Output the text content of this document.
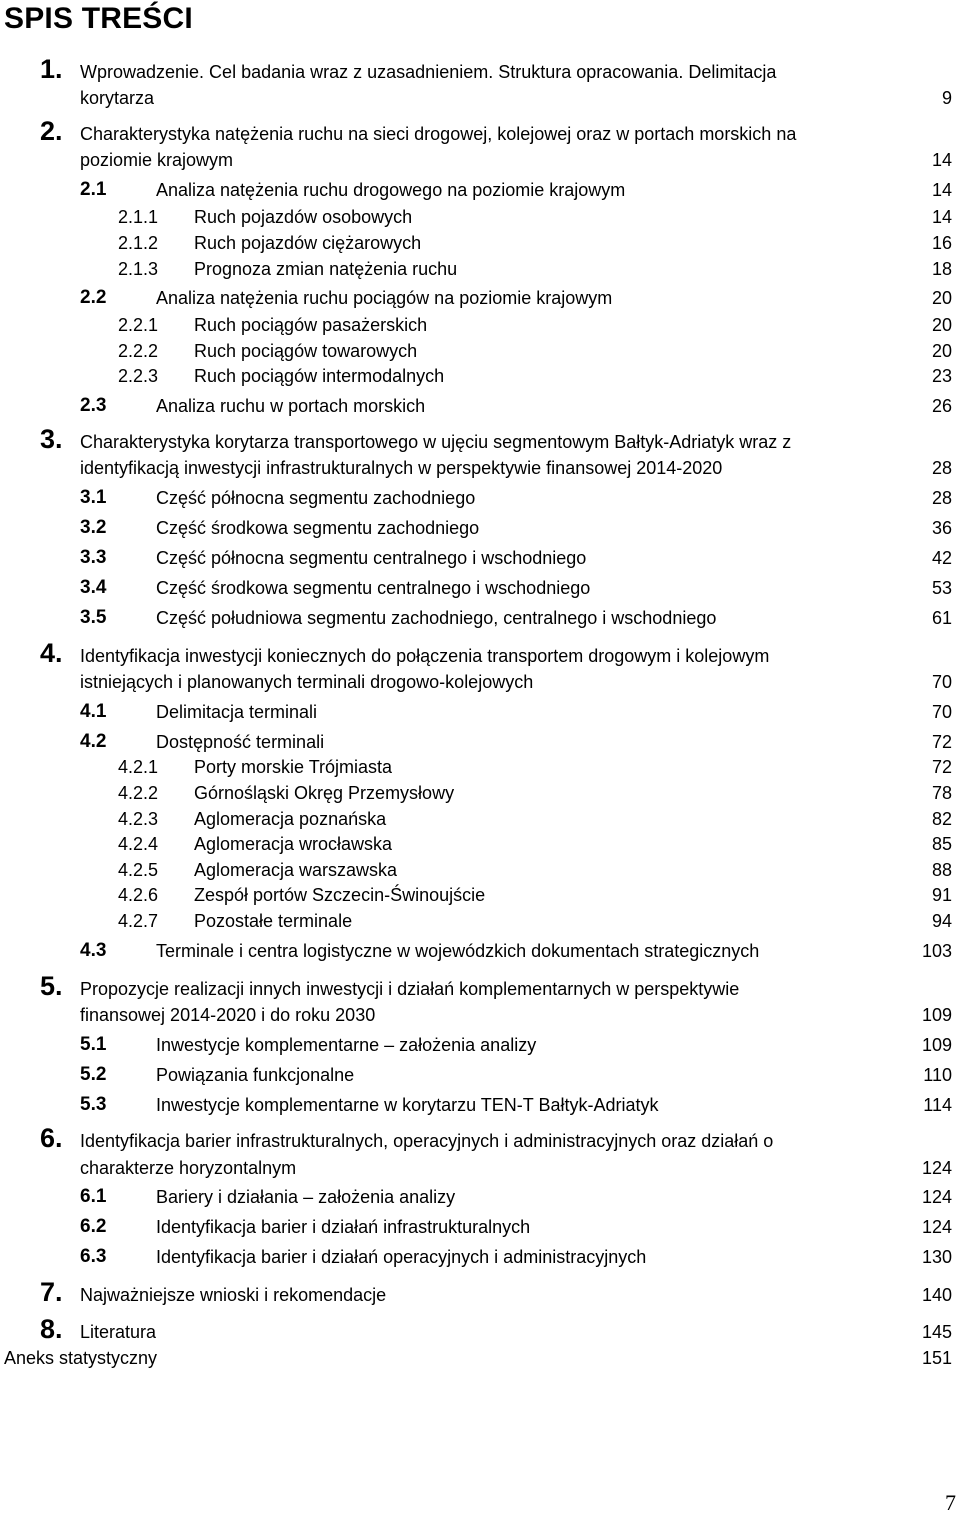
SPIS TREŚCI
1. Wprowadzenie. Cel badania wraz z uzasadnieniem. Struktura opracowania. Delimitacja
korytarza	9
2. Charakterystyka natężenia ruchu na sieci drogowej, kolejowej oraz w portach morskich na
poziomie krajowym	14
2.1	Analiza natężenia ruchu drogowego na poziomie krajowym	14
2.1.1 Ruch pojazdów osobowych	14
2.1.2 Ruch pojazdów ciężarowych	16
2.1.3 Prognoza zmian natężenia ruchu	18
2.2	Analiza natężenia ruchu pociągów na poziomie krajowym	20
2.2.1 Ruch pociągów pasażerskich	20
2.2.2 Ruch pociągów towarowych	20
2.2.3 Ruch pociągów intermodalnych	23
2.3	Analiza ruchu w portach morskich	26
3. Charakterystyka korytarza transportowego w ujęciu segmentowym Bałtyk-Adriatyk wraz z
identyfikacją inwestycji infrastrukturalnych w perspektywie finansowej 2014-2020	28
3.1	Część północna segmentu zachodniego	28
3.2	Część środkowa segmentu zachodniego	36
3.3	Część północna segmentu centralnego i wschodniego	42
3.4	Część środkowa segmentu centralnego i wschodniego	53
3.5	Część południowa segmentu zachodniego, centralnego i wschodniego	61
4. Identyfikacja inwestycji koniecznych do połączenia transportem drogowym i kolejowym
istniejących i planowanych terminali drogowo-kolejowych	70
4.1	Delimitacja terminali	70
4.2	Dostępność terminali	72
4.2.1 Porty morskie Trójmiasta	72
4.2.2 Górnośląski Okręg Przemysłowy	78
4.2.3 Aglomeracja poznańska	82
4.2.4 Aglomeracja wrocławska	85
4.2.5 Aglomeracja warszawska	88
4.2.6 Zespół portów Szczecin-Świnoujście	91
4.2.7 Pozostałe terminale	94
4.3	Terminale i centra logistyczne w wojewódzkich dokumentach strategicznych	103
5. Propozycje realizacji innych inwestycji i działań komplementarnych w perspektywie
finansowej 2014-2020 i do roku 2030	109
5.1	Inwestycje komplementarne – założenia analizy	109
5.2	Powiązania funkcjonalne	110
5.3	Inwestycje komplementarne w korytarzu TEN-T Bałtyk-Adriatyk	114
6. Identyfikacja barier infrastrukturalnych, operacyjnych i administracyjnych oraz działań o
charakterze horyzontalnym	124
6.1	Bariery i działania – założenia analizy	124
6.2	Identyfikacja barier i działań infrastrukturalnych	124
6.3	Identyfikacja barier i działań operacyjnych i administracyjnych	130
7. Najważniejsze wnioski i rekomendacje	140
8. Literatura	145
Aneks statystyczny	151
7
